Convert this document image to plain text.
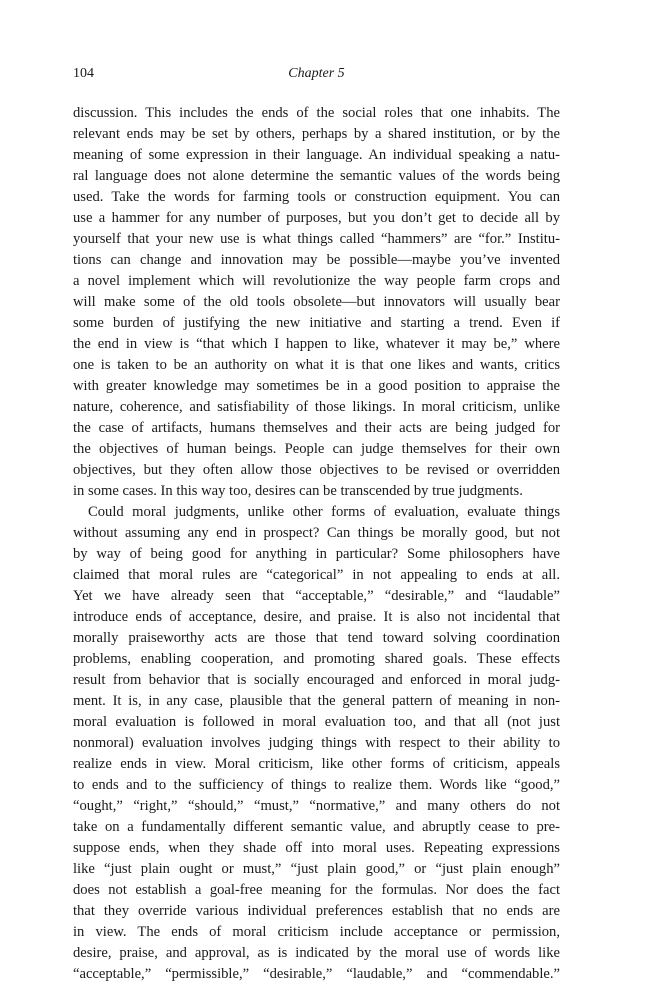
104	Chapter 5
discussion. This includes the ends of the social roles that one inhabits. The
relevant ends may be set by others, perhaps by a shared institution, or by the
meaning of some expression in their language. An individual speaking a natu-
ral language does not alone determine the semantic values of the words being
used. Take the words for farming tools or construction equipment. You can
use a hammer for any number of purposes, but you don’t get to decide all by
yourself that your new use is what things called “hammers” are “for.” Institu-
tions can change and innovation may be possible—maybe you’ve invented
a novel implement which will revolutionize the way people farm crops and
will make some of the old tools obsolete—but innovators will usually bear
some burden of justifying the new initiative and starting a trend. Even if
the end in view is “that which I happen to like, whatever it may be,” where
one is taken to be an authority on what it is that one likes and wants, critics
with greater knowledge may sometimes be in a good position to appraise the
nature, coherence, and satisfiability of those likings. In moral criticism, unlike
the case of artifacts, humans themselves and their acts are being judged for
the objectives of human beings. People can judge themselves for their own
objectives, but they often allow those objectives to be revised or overridden
in some cases. In this way too, desires can be transcended by true judgments.
Could moral judgments, unlike other forms of evaluation, evaluate things
without assuming any end in prospect? Can things be morally good, but not
by way of being good for anything in particular? Some philosophers have
claimed that moral rules are “categorical” in not appealing to ends at all.
Yet we have already seen that “acceptable,” “desirable,” and “laudable”
introduce ends of acceptance, desire, and praise. It is also not incidental that
morally praiseworthy acts are those that tend toward solving coordination
problems, enabling cooperation, and promoting shared goals. These effects
result from behavior that is socially encouraged and enforced in moral judg-
ment. It is, in any case, plausible that the general pattern of meaning in non-
moral evaluation is followed in moral evaluation too, and that all (not just
nonmoral) evaluation involves judging things with respect to their ability to
realize ends in view. Moral criticism, like other forms of criticism, appeals
to ends and to the sufficiency of things to realize them. Words like “good,”
“ought,” “right,” “should,” “must,” “normative,” and many others do not
take on a fundamentally different semantic value, and abruptly cease to pre-
suppose ends, when they shade off into moral uses. Repeating expressions
like “just plain ought or must,” “just plain good,” or “just plain enough”
does not establish a goal-free meaning for the formulas. Nor does the fact
that they override various individual preferences establish that no ends are
in view. The ends of moral criticism include acceptance or permission,
desire, praise, and approval, as is indicated by the moral use of words like
“acceptable,” “permissible,” “desirable,” “laudable,” and “commendable.”
